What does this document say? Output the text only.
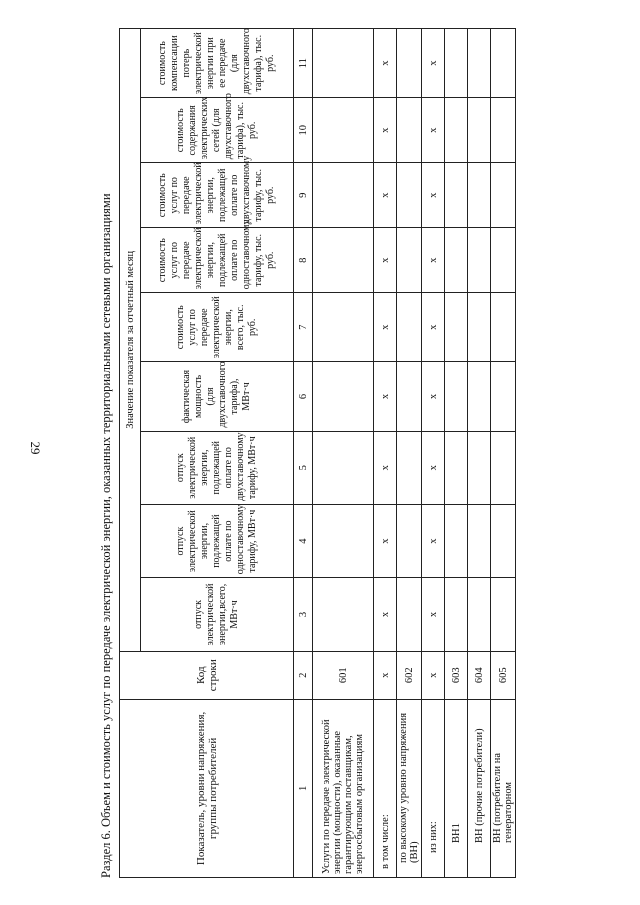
29	Раздел 6. Объем и стоимость услуг по передаче электрической энергии, оказанных территориальными сетевыми организациями	Показатель, уровни напряжения, группы потребителей	Код строки	Значение показателя за отчетный месяц								
		отпуск электрической энергии,всего, МВт·ч	отпуск электрической энергии, подлежащей оплате по одноставочному тарифу, МВт·ч	отпуск электрической энергии, подлежащей оплате по двухставочному тарифу, МВт·ч	фактическая мощность (для двухставочного тарифа), МВт·ч	стоимость услуг по передаче электрической энергии, всего, тыс. руб.	стоимость услуг по передаче электрической энергии, подлежащей оплате по одноставочному тарифу, тыс. руб.	стоимость услуг по передаче электрической энергии, подлежащей оплате по двухставочному тарифу, тыс. руб.	стоимость содержания электрических сетей (для двухставочного тарифа), тыс. руб.	стоимость компенсации потерь электрической энергии при ее передаче (для двухставочного тарифа), тыс. руб.
1	2	3	4	5	6	7	8	9	10	11
Услуги по передаче электрической энергии (мощности), оказанные гарантирующим поставщикам, энергосбытовым организациям	601									
в том числе:	x	x	x	x	x	x	x	x	x	x
по высокому уровню напряжения (ВН)	602									
из них:	x	x	x	x	x	x	x	x	x	x
ВН1	603									
ВН (прочие потребители)	604									
ВН (потребители на генераторном	605									
